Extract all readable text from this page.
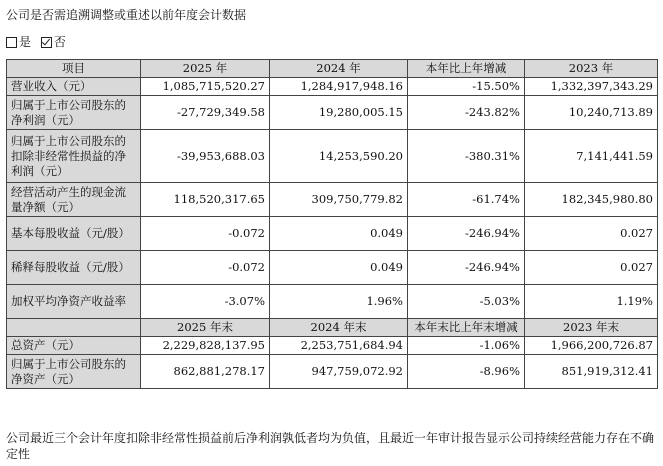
公司是否需追溯调整或重述以前年度会计数据
是
否
项目	2025 年	2024 年	本年比上年增减	2023 年
营业收入（元）	1,085,715,520.27	1,284,917,948.16	-15.50%	1,332,397,343.29
归属于上市公司股东的净利润（元）	-27,729,349.58	19,280,005.15	-243.82%	10,240,713.89
归属于上市公司股东的扣除非经常性损益的净利润（元）	-39,953,688.03	14,253,590.20	-380.31%	7,141,441.59
经营活动产生的现金流量净额（元）	118,520,317.65	309,750,779.82	-61.74%	182,345,980.80
基本每股收益（元/股）	-0.072	0.049	-246.94%	0.027
稀释每股收益（元/股）	-0.072	0.049	-246.94%	0.027
加权平均净资产收益率	-3.07%	1.96%	-5.03%	1.19%
	2025 年末	2024 年末	本年末比上年末增减	2023 年末
总资产（元）	2,229,828,137.95	2,253,751,684.94	-1.06%	1,966,200,726.87
归属于上市公司股东的净资产（元）	862,881,278.17	947,759,072.92	-8.96%	851,919,312.41
公司最近三个会计年度扣除非经常性损益前后净利润孰低者均为负值，且最近一年审计报告显示公司持续经营能力存在不确定性
